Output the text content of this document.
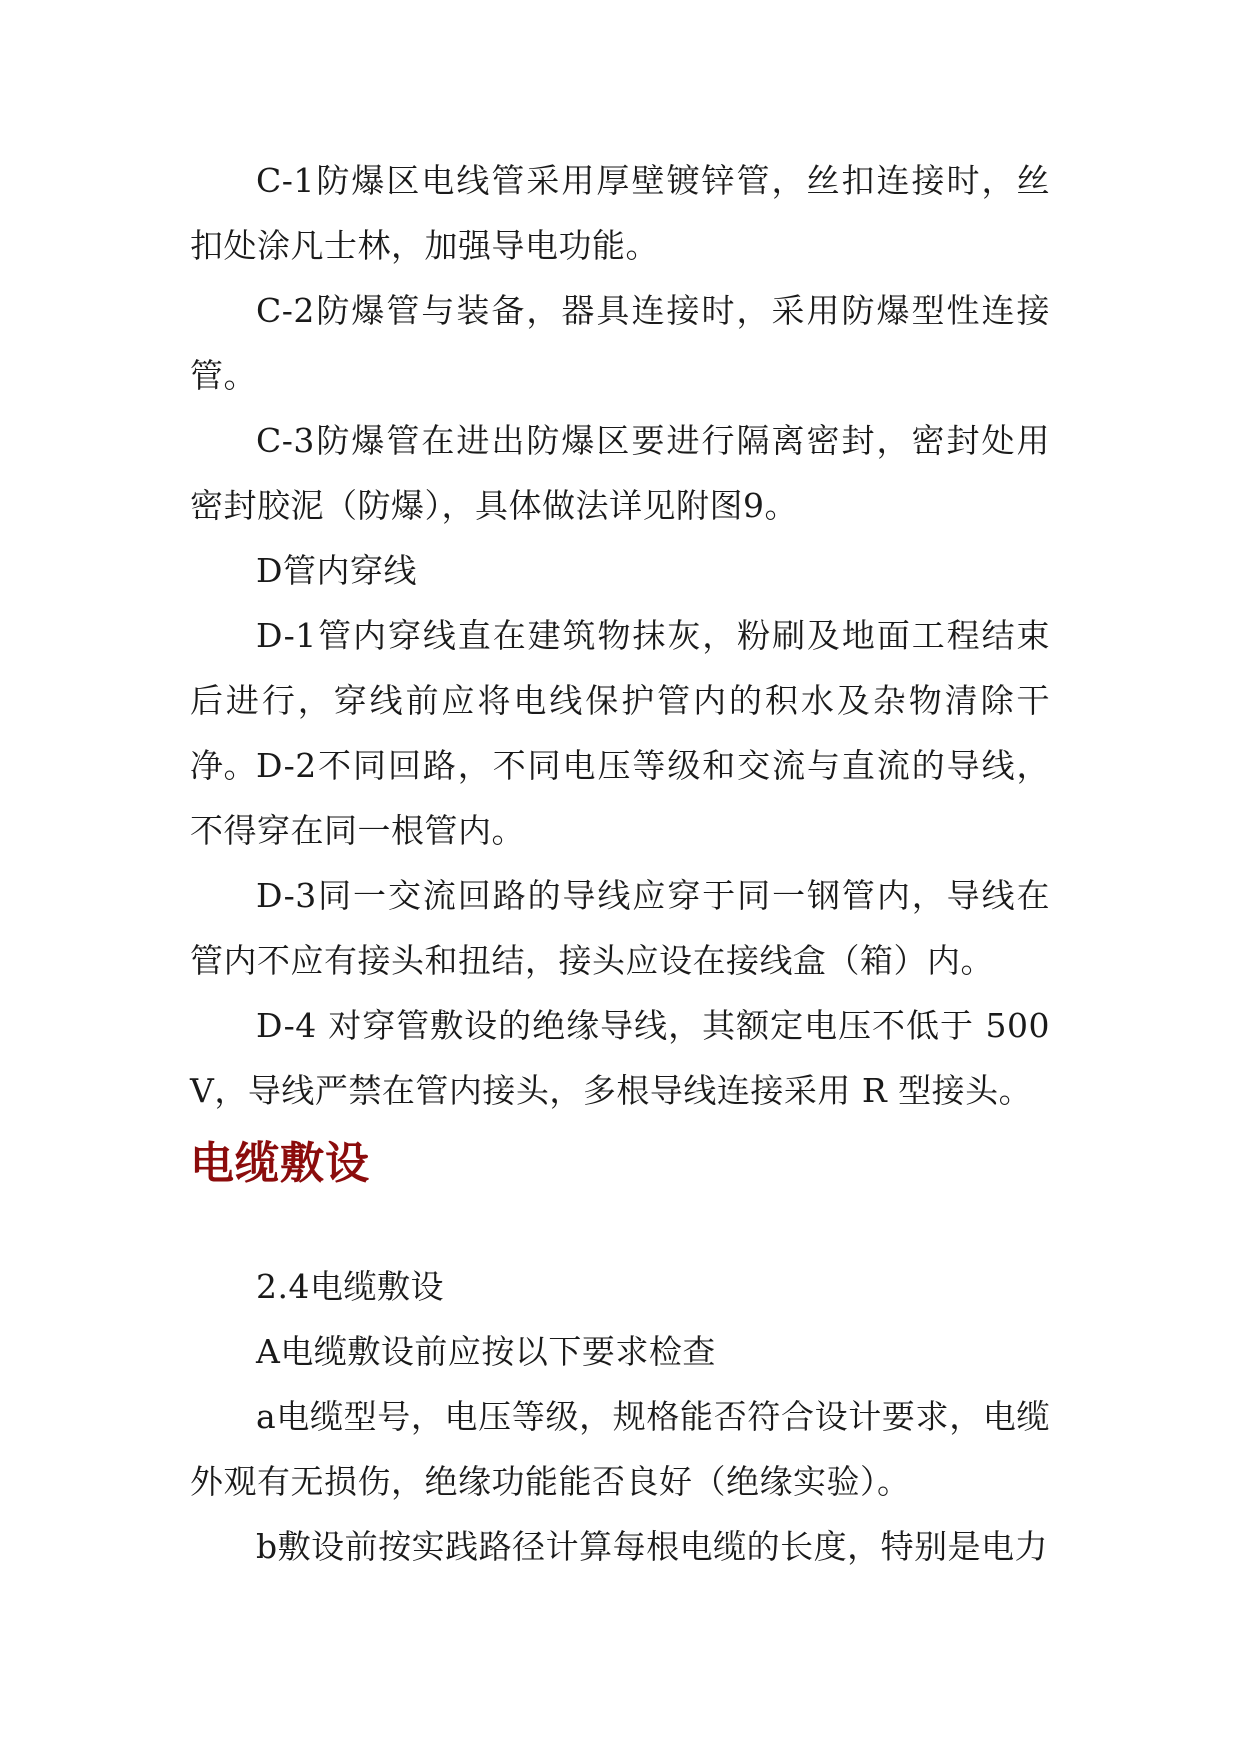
C-1防爆区电线管采用厚壁镀锌管，丝扣连接时，丝扣处涂凡士林，加强导电功能。

C-2防爆管与装备，器具连接时，采用防爆型性连接管。

C-3防爆管在进出防爆区要进行隔离密封，密封处用密封胶泥（防爆），具体做法详见附图9。

D管内穿线

D-1管内穿线直在建筑物抹灰，粉刷及地面工程结束后进行，穿线前应将电线保护管内的积水及杂物清除干净。 D-2不同回路，不同电压等级和交流与直流的导线，不得穿在同一根管内。

D-3同一交流回路的导线应穿于同一钢管内，导线在管内不应有接头和扭结，接头应设在接线盒（箱）内。

D-4 对穿管敷设的绝缘导线，其额定电压不低于 500V，导线严禁在管内接头，多根导线连接采用 R 型接头。

电缆敷设

2.4电缆敷设

A电缆敷设前应按以下要求检查

a电缆型号，电压等级，规格能否符合设计要求，电缆外观有无损伤，绝缘功能能否良好（绝缘实验）。

b敷设前按实践路径计算每根电缆的长度，特别是电力
